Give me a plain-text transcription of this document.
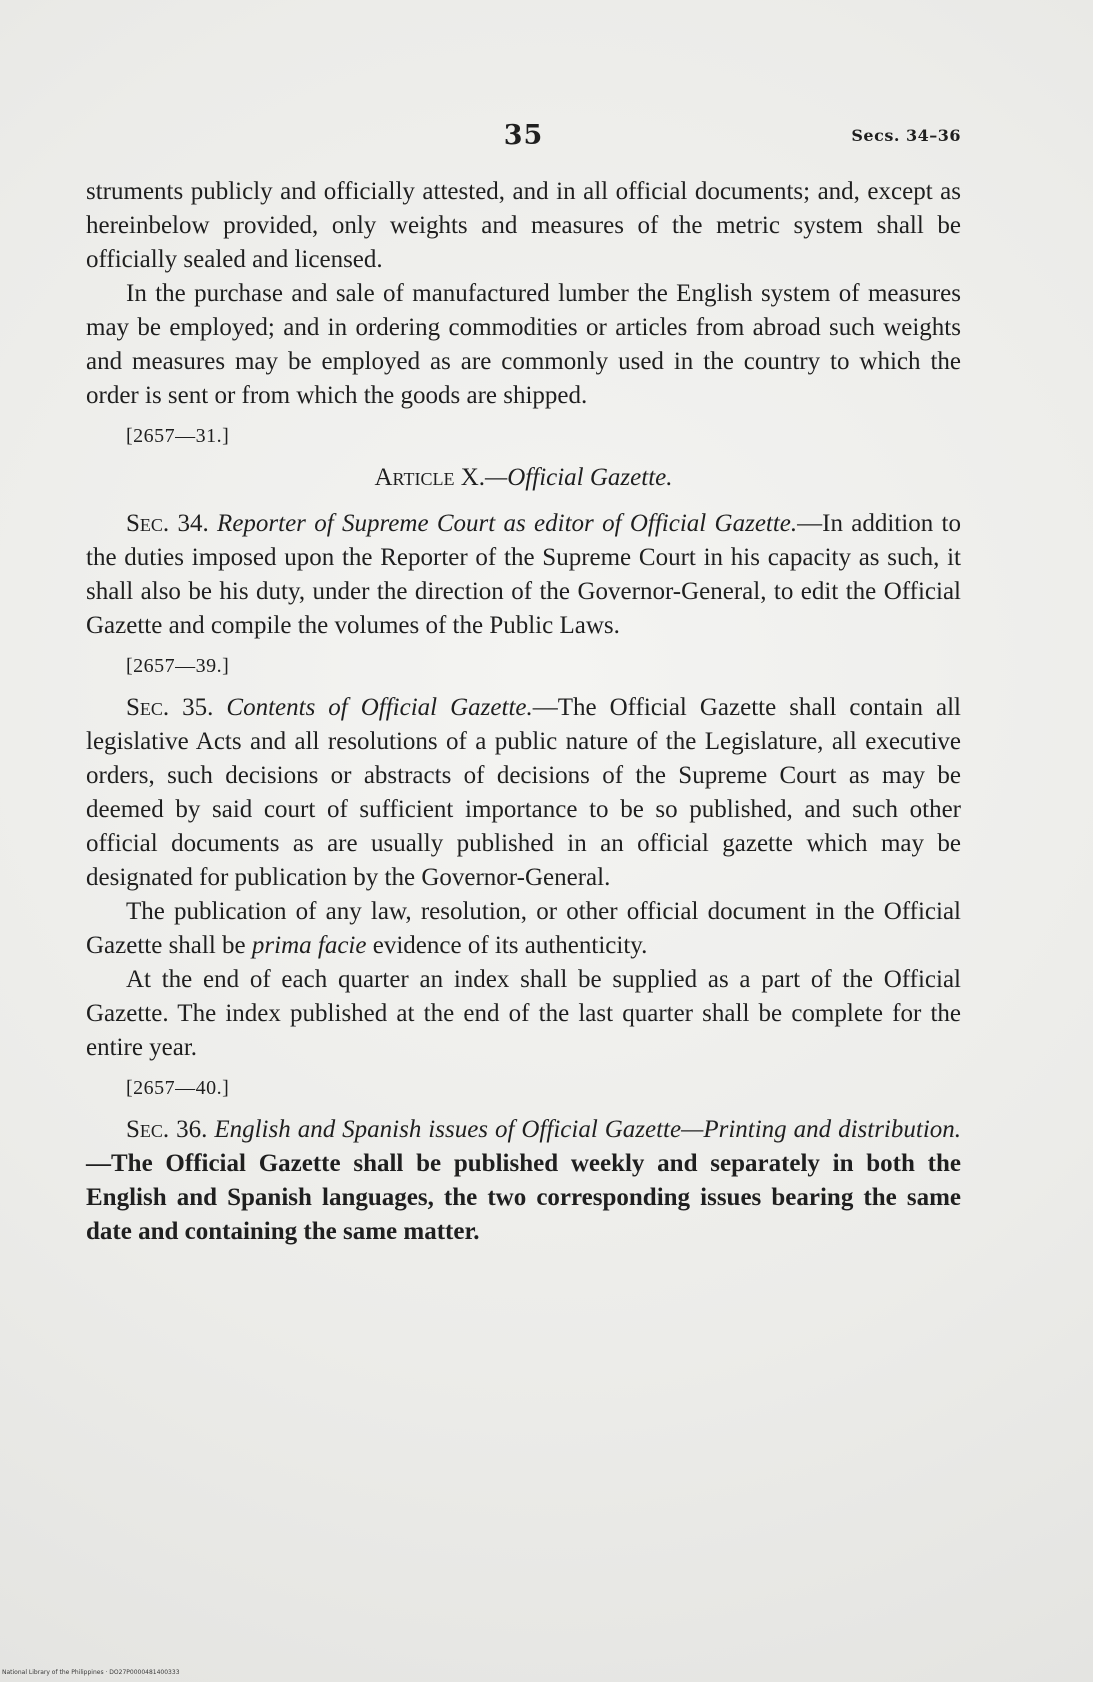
35	Secs. 34–36

struments publicly and officially attested, and in all official documents; and, except as hereinbelow provided, only weights and measures of the metric system shall be officially sealed and licensed.

In the purchase and sale of manufactured lumber the English system of measures may be employed; and in ordering commodities or articles from abroad such weights and measures may be employed as are commonly used in the country to which the order is sent or from which the goods are shipped.

[2657—31.]
Article X.—Official Gazette.

Sec. 34. Reporter of Supreme Court as editor of Official Gazette.—In addition to the duties imposed upon the Reporter of the Supreme Court in his capacity as such, it shall also be his duty, under the direction of the Governor-General, to edit the Official Gazette and compile the volumes of the Public Laws.

[2657—39.]

Sec. 35. Contents of Official Gazette.—The Official Gazette shall contain all legislative Acts and all resolutions of a public nature of the Legislature, all executive orders, such decisions or abstracts of decisions of the Supreme Court as may be deemed by said court of sufficient importance to be so published, and such other official documents as are usually published in an official gazette which may be designated for publication by the Governor-General.

The publication of any law, resolution, or other official document in the Official Gazette shall be prima facie evidence of its authenticity.

At the end of each quarter an index shall be supplied as a part of the Official Gazette. The index published at the end of the last quarter shall be complete for the entire year.

[2657—40.]

Sec. 36. English and Spanish issues of Official Gazette—Printing and distribution.—The Official Gazette shall be published weekly and separately in both the English and Spanish languages, the two corresponding issues bearing the same date and containing the same matter.

National Library of the Philippines · DO27P0000481400333
